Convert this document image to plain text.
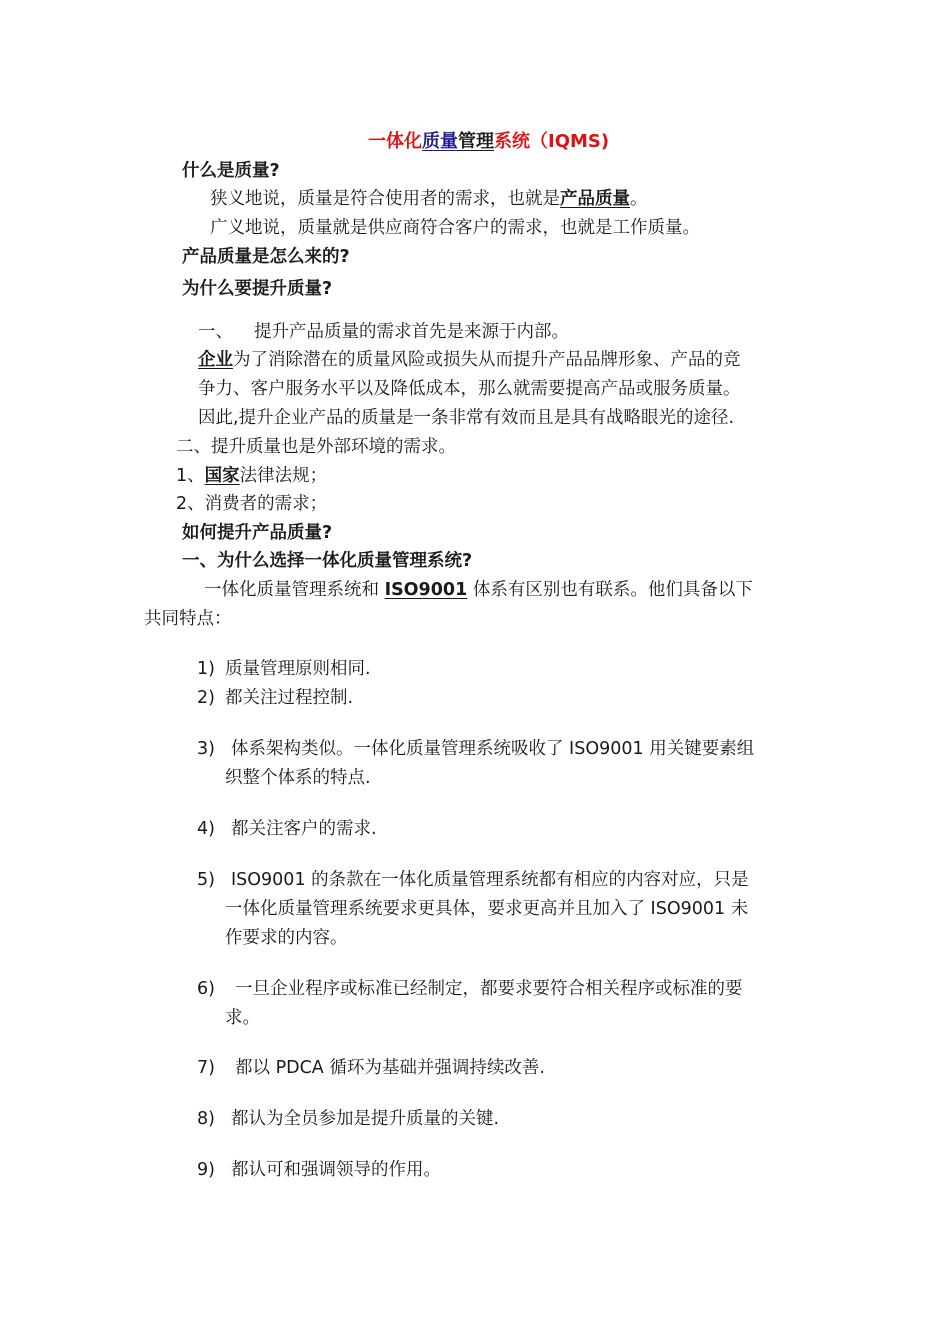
一体化质量管理系统（IQMS)
什么是质量?
狭义地说，质量是符合使用者的需求，也就是产品质量。
广义地说，质量就是供应商符合客户的需求，也就是工作质量。
产品质量是怎么来的?
为什么要提升质量?
一、 提升产品质量的需求首先是来源于内部。
企业为了消除潜在的质量风险或损失从而提升产品品牌形象、产品的竞
争力、客户服务水平以及降低成本，那么就需要提高产品或服务质量。
因此,提升企业产品的质量是一条非常有效而且是具有战略眼光的途径.
二、提升质量也是外部环境的需求。
1、国家法律法规；
2、消费者的需求；
如何提升产品质量?
一、为什么选择一体化质量管理系统?
一体化质量管理系统和 ISO9001 体系有区别也有联系。他们具备以下
共同特点：
1) 质量管理原则相同.
2) 都关注过程控制.
3) 体系架构类似。一体化质量管理系统吸收了 ISO9001 用关键要素组
织整个体系的特点.
4) 都关注客户的需求.
5) ISO9001 的条款在一体化质量管理系统都有相应的内容对应，只是
一体化质量管理系统要求更具体，要求更高并且加入了 ISO9001 未
作要求的内容。
6) 一旦企业程序或标准已经制定，都要求要符合相关程序或标准的要
求。
7) 都以 PDCA 循环为基础并强调持续改善.
8) 都认为全员参加是提升质量的关键.
9) 都认可和强调领导的作用。
